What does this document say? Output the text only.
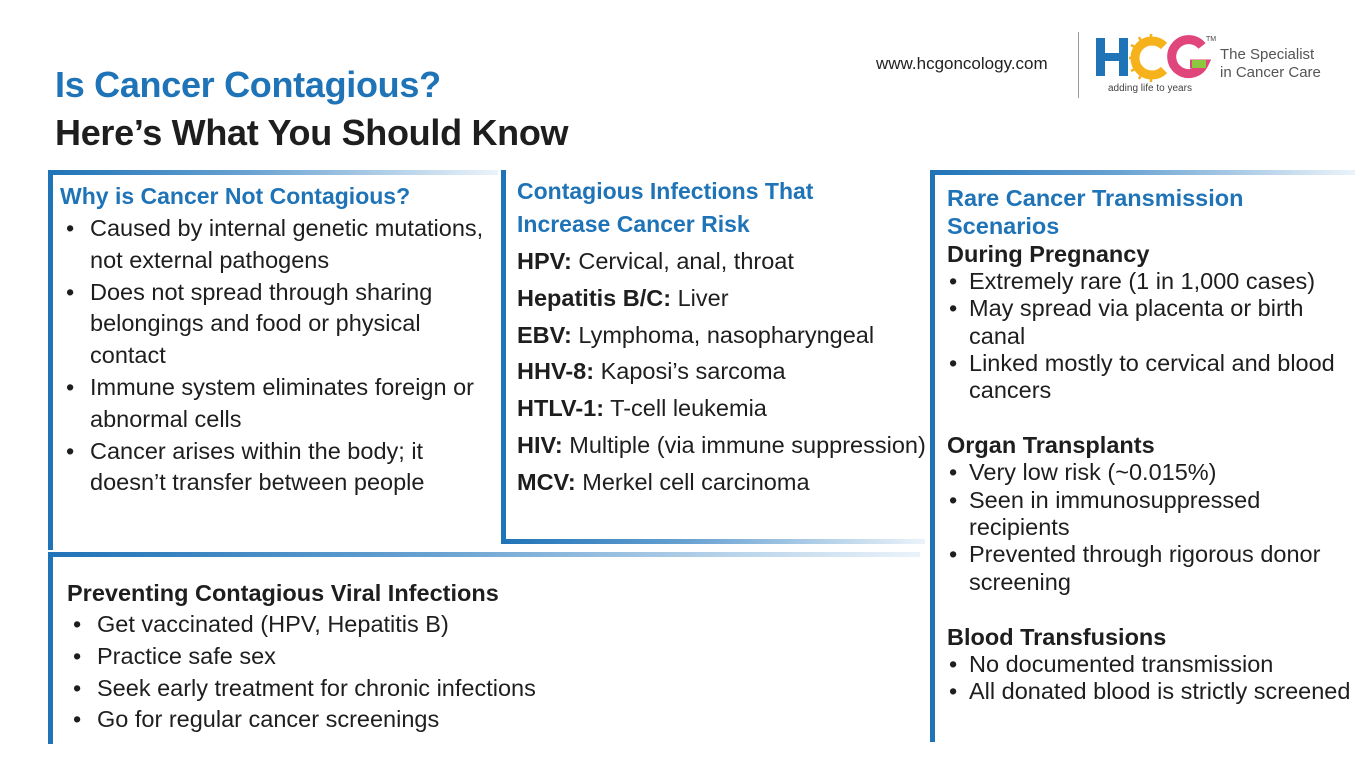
Is Cancer Contagious?
Here’s What You Should Know
www.hcgoncology.com
TM
adding life to years
The Specialist
in Cancer Care
Why is Cancer Not Contagious?
• Caused by internal genetic mutations, not external pathogens
• Does not spread through sharing belongings and food or physical contact
• Immune system eliminates foreign or abnormal cells
• Cancer arises within the body; it doesn’t transfer between people
Contagious Infections That
Increase Cancer Risk
HPV: Cervical, anal, throat
Hepatitis B/C: Liver
EBV: Lymphoma, nasopharyngeal
HHV-8: Kaposi’s sarcoma
HTLV-1: T-cell leukemia
HIV: Multiple (via immune suppression)
MCV: Merkel cell carcinoma
Rare Cancer Transmission
Scenarios
During Pregnancy
• Extremely rare (1 in 1,000 cases)
• May spread via placenta or birth canal
• Linked mostly to cervical and blood cancers
Organ Transplants
• Very low risk (~0.015%)
• Seen in immunosuppressed recipients
• Prevented through rigorous donor screening
Blood Transfusions
• No documented transmission
• All donated blood is strictly screened
Preventing Contagious Viral Infections
• Get vaccinated (HPV, Hepatitis B)
• Practice safe sex
• Seek early treatment for chronic infections
• Go for regular cancer screenings
